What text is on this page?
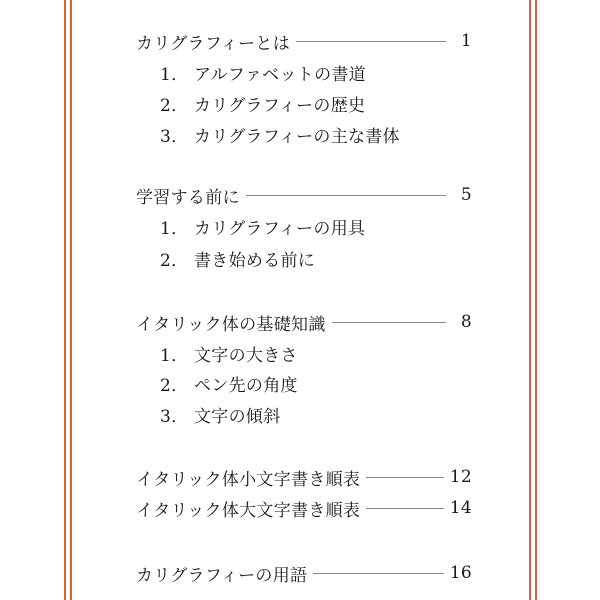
カリグラフィーとは	1
1． アルファベットの書道
2． カリグラフィーの歴史
3． カリグラフィーの主な書体
学習する前に	5
1． カリグラフィーの用具
2． 書き始める前に
イタリック体の基礎知識	8
1． 文字の大きさ
2． ペン先の角度
3． 文字の傾斜
イタリック体小文字書き順表	12
イタリック体大文字書き順表	14
カリグラフィーの用語	16
